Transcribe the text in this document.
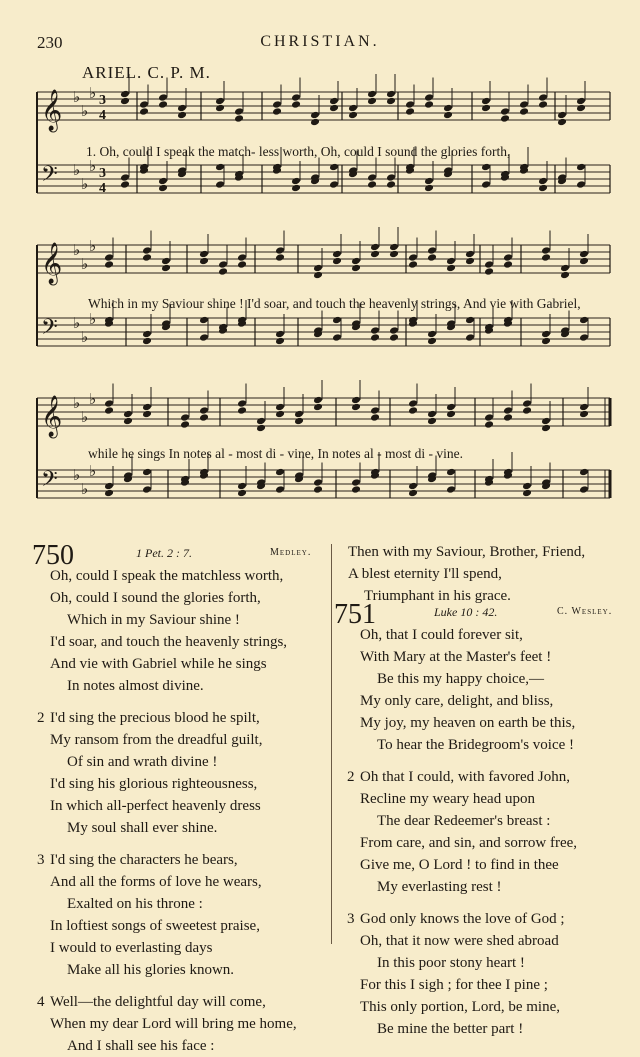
230	CHRISTIAN.
ARIEL. C. P. M.
𝄞 ♭
♭
♭ 3
4
𝄢 ♭
♭
♭ 3
4
𝄞 ♭
♭
♭
𝄢 ♭
♭
♭
𝄞 ♭
♭
♭
𝄢 ♭
♭
♭
1. Oh, could I speak the match- less worth, Oh, could I sound the glories forth,
Which in my Saviour shine ! I'd soar, and touch the heavenly strings, And vie with Gabriel,
while he sings In notes al - most di - vine, In notes al - most di - vine.
750	1 Pet. 2 : 7.	Medley.
Oh, could I speak the matchless worth,
Oh, could I sound the glories forth,
Which in my Saviour shine !
I'd soar, and touch the heavenly strings,
And vie with Gabriel while he sings
In notes almost divine.
2 I'd sing the precious blood he spilt,
My ransom from the dreadful guilt,
Of sin and wrath divine !
I'd sing his glorious righteousness,
In which all-perfect heavenly dress
My soul shall ever shine.
3 I'd sing the characters he bears,
And all the forms of love he wears,
Exalted on his throne :
In loftiest songs of sweetest praise,
I would to everlasting days
Make all his glories known.
4 Well—the delightful day will come,
When my dear Lord will bring me home,
And I shall see his face :
Then with my Saviour, Brother, Friend,
A blest eternity I'll spend,
Triumphant in his grace.
751	Luke 10 : 42.	C. Wesley.
Oh, that I could forever sit,
With Mary at the Master's feet !
Be this my happy choice,—
My only care, delight, and bliss,
My joy, my heaven on earth be this,
To hear the Bridegroom's voice !
2 Oh that I could, with favored John,
Recline my weary head upon
The dear Redeemer's breast :
From care, and sin, and sorrow free,
Give me, O Lord ! to find in thee
My everlasting rest !
3 God only knows the love of God ;
Oh, that it now were shed abroad
In this poor stony heart !
For this I sigh ; for thee I pine ;
This only portion, Lord, be mine,
Be mine the better part !
